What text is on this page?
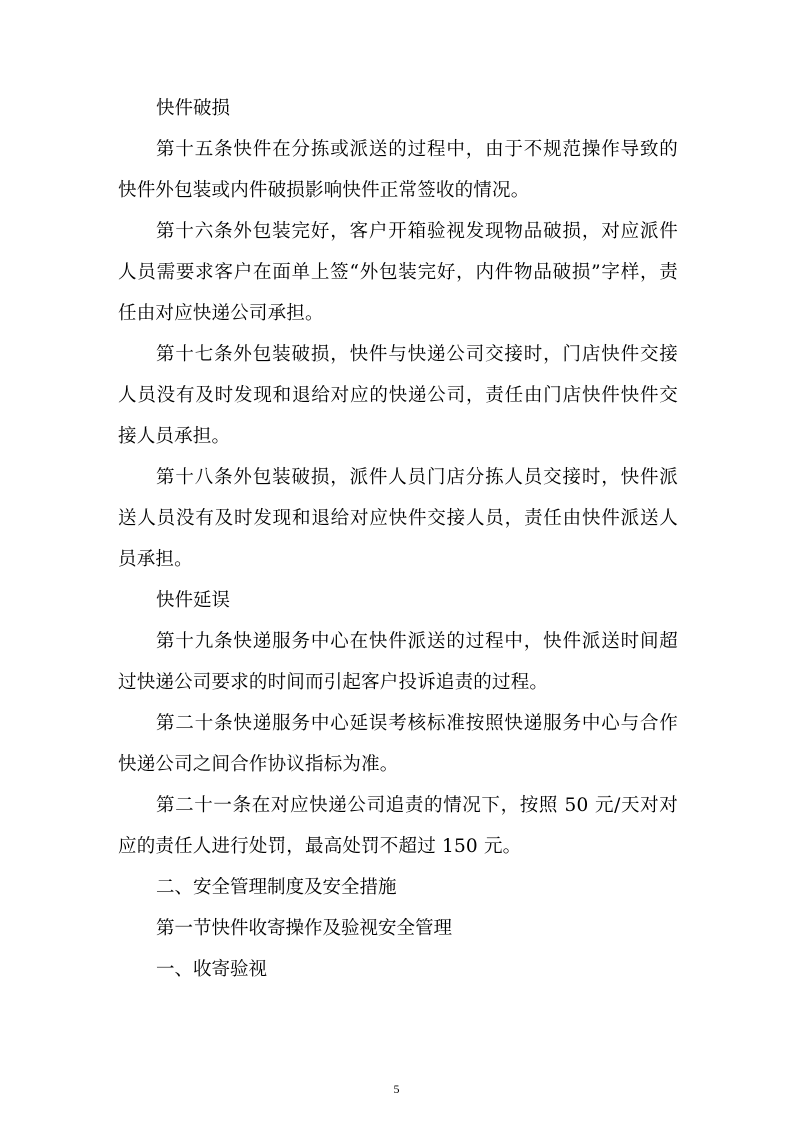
快件破损

第十五条快件在分拣或派送的过程中，由于不规范操作导致的快件外包装或内件破损影响快件正常签收的情况。

第十六条外包装完好，客户开箱验视发现物品破损，对应派件人员需要求客户在面单上签“外包装完好，内件物品破损”字样，责任由对应快递公司承担。

第十七条外包装破损，快件与快递公司交接时，门店快件交接人员没有及时发现和退给对应的快递公司，责任由门店快件快件交接人员承担。

第十八条外包装破损，派件人员门店分拣人员交接时，快件派送人员没有及时发现和退给对应快件交接人员，责任由快件派送人员承担。

快件延误

第十九条快递服务中心在快件派送的过程中，快件派送时间超过快递公司要求的时间而引起客户投诉追责的过程。

第二十条快递服务中心延误考核标准按照快递服务中心与合作快递公司之间合作协议指标为准。

第二十一条在对应快递公司追责的情况下，按照 50 元/天对对应的责任人进行处罚，最高处罚不超过 150 元。

二、安全管理制度及安全措施

第一节快件收寄操作及验视安全管理

一、收寄验视

5
